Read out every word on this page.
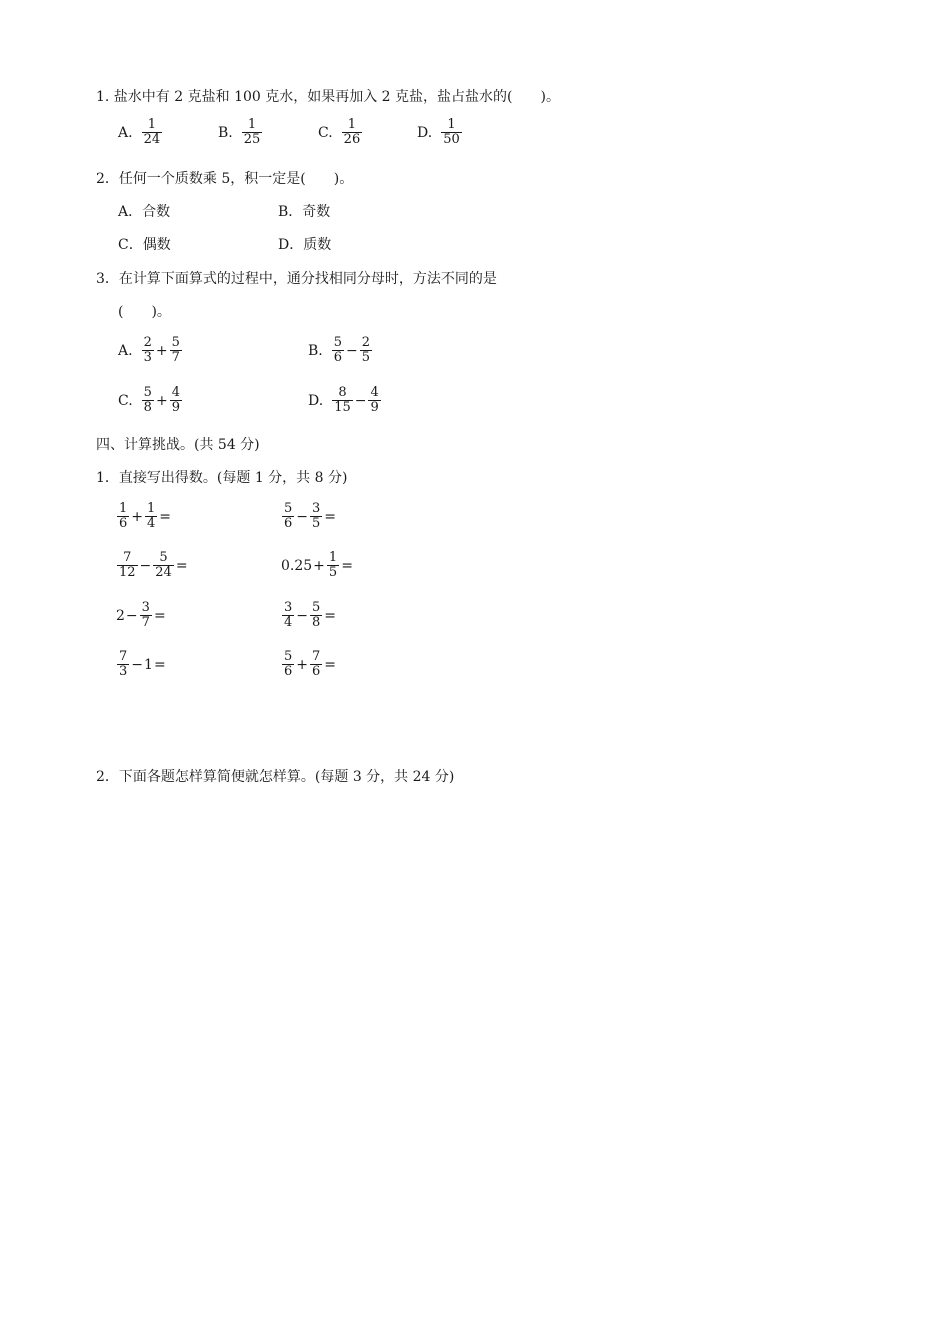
1. 盐水中有 2 克盐和 100 克水，如果再加入 2 克盐，盐占盐水的(　　)。
A. $\frac{1}{24}$	B. $\frac{1}{25}$	C. $\frac{1}{26}$	D. $\frac{1}{50}$
2．任何一个质数乘 5，积一定是(　　)。
A． 合数	B． 奇数
C． 偶数	D． 质数
3．在计算下面算式的过程中，通分找相同分母时，方法不同的是
(　　)。
A. $\frac{2}{3} + \frac{5}{7}$	B. $\frac{5}{6} - \frac{2}{5}$
C. $\frac{5}{8} + \frac{4}{9}$	D. $\frac{8}{15} - \frac{4}{9}$
四、计算挑战。(共 54 分)
1．直接写出得数。(每题 1 分，共 8 分)
$\frac{1}{6} + \frac{1}{4}$ =	$\frac{5}{6} - \frac{3}{5}$ =
$\frac{7}{12} - \frac{5}{24}$ =	$0.25 + \frac{1}{5}$ =
$2 - \frac{3}{7}$ =	$\frac{3}{4} - \frac{5}{8}$ =
$\frac{7}{3} - 1$ =	$\frac{5}{6} + \frac{7}{6}$ =
2．下面各题怎样算简便就怎样算。(每题 3 分，共 24 分)
